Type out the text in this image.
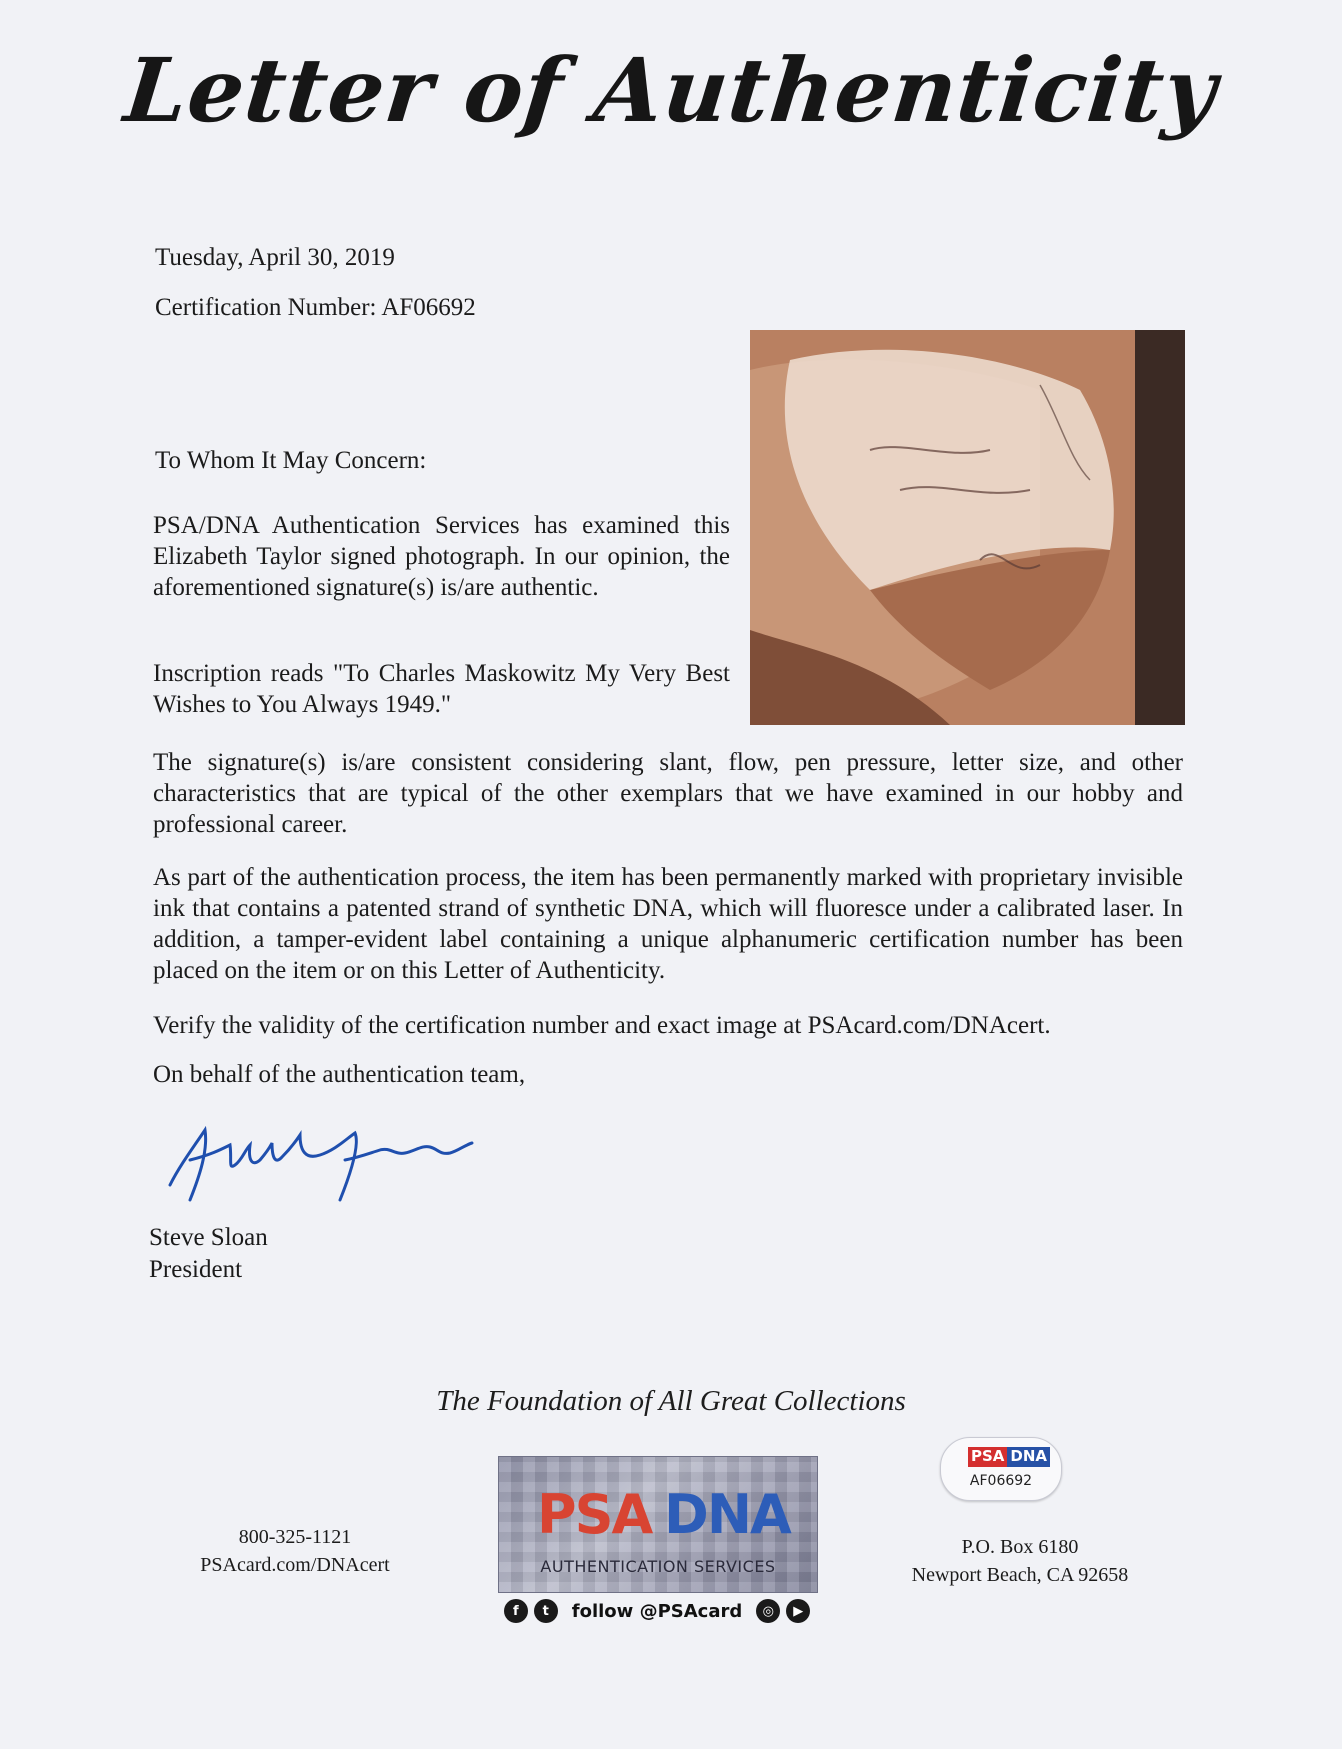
Letter of Authenticity
Tuesday, April 30, 2019
Certification Number: AF06692
To Whom It May Concern:
PSA/DNA Authentication Services has examined this Elizabeth Taylor signed photograph. In our opinion, the aforementioned signature(s) is/are authentic.
Inscription reads "To Charles Maskowitz My Very Best Wishes to You Always 1949."
The signature(s) is/are consistent considering slant, flow, pen pressure, letter size, and other characteristics that are typical of the other exemplars that we have examined in our hobby and professional career.
As part of the authentication process, the item has been permanently marked with proprietary invisible ink that contains a patented strand of synthetic DNA, which will fluoresce under a calibrated laser. In addition, a tamper-evident label containing a unique alphanumeric certification number has been placed on the item or on this Letter of Authenticity.
Verify the validity of the certification number and exact image at PSAcard.com/DNAcert.
On behalf of the authentication team,
Steve Sloan
President
The Foundation of All Great Collections
800-325-1121
PSAcard.com/DNAcert
PSA DNA
AUTHENTICATION SERVICES
f	t	follow @PSAcard	◎	▶
PSA DNA
AF06692
P.O. Box 6180
Newport Beach, CA 92658
